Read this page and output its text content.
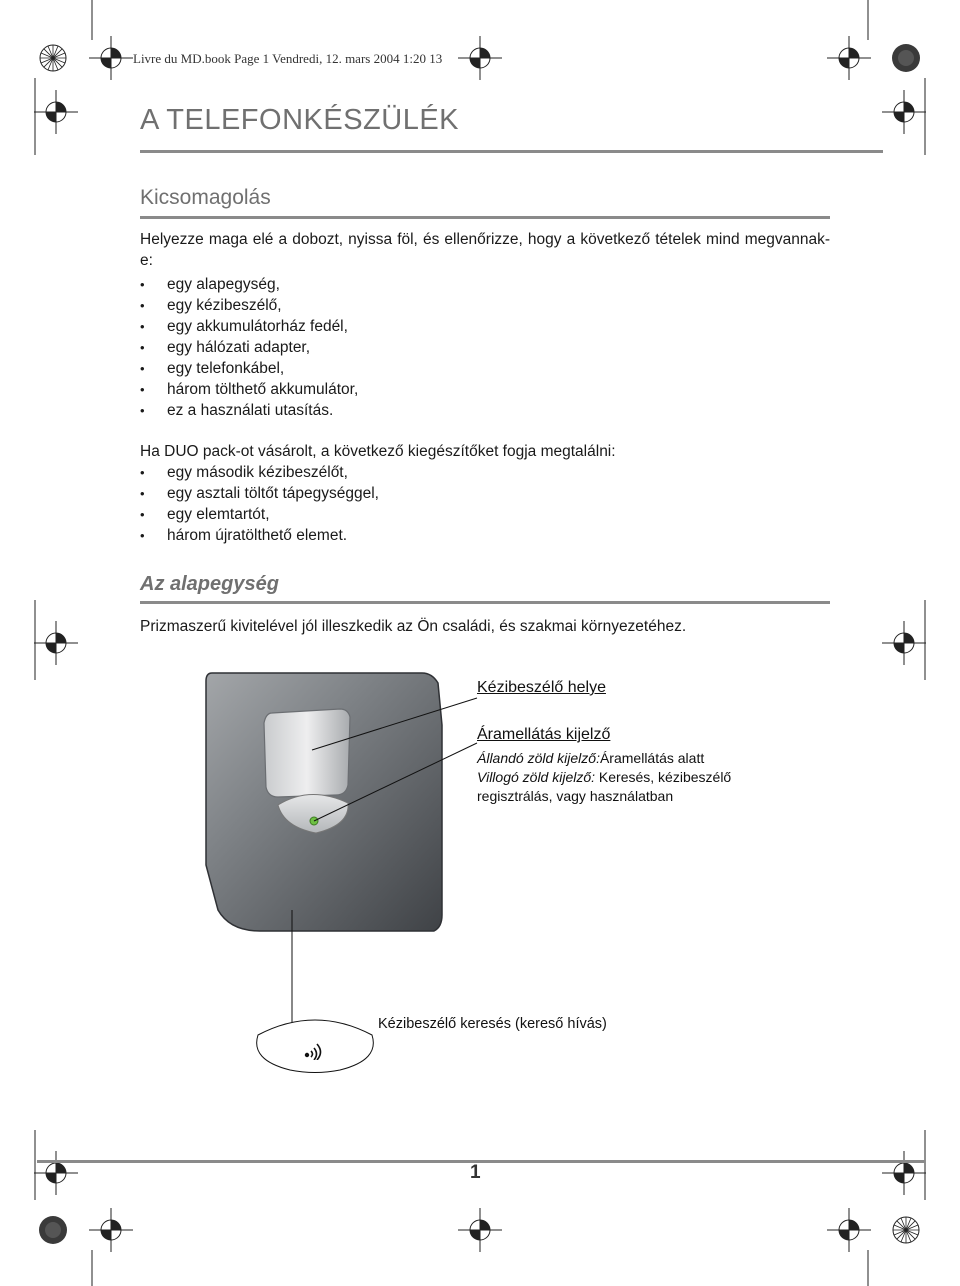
Livre du MD.book Page 1 Vendredi, 12. mars 2004 1:20 13
A TELEFONKÉSZÜLÉK
Kicsomagolás
Helyezze maga elé a dobozt, nyissa föl, és ellenőrizze, hogy a következő tételek mind megvannak-e:
• egy alapegység,
• egy kézibeszélő,
• egy akkumulátorház fedél,
• egy hálózati adapter,
• egy telefonkábel,
• három tölthető akkumulátor,
• ez a használati utasítás.
Ha DUO pack-ot vásárolt, a következő kiegészítőket fogja megtalálni:
• egy második kézibeszélőt,
• egy asztali töltőt tápegységgel,
• egy elemtartót,
• három újratölthető elemet.
Az alapegység
Prizmaszerű kivitelével jól illeszkedik az Ön családi, és szakmai környezetéhez.
Kézibeszélő helye
Áramellátás kijelző
Állandó zöld kijelző:Áramellátás alatt
Villogó zöld kijelző: Keresés, kézibeszélő
regisztrálás, vagy használatban
Kézibeszélő keresés (kereső hívás)
1
